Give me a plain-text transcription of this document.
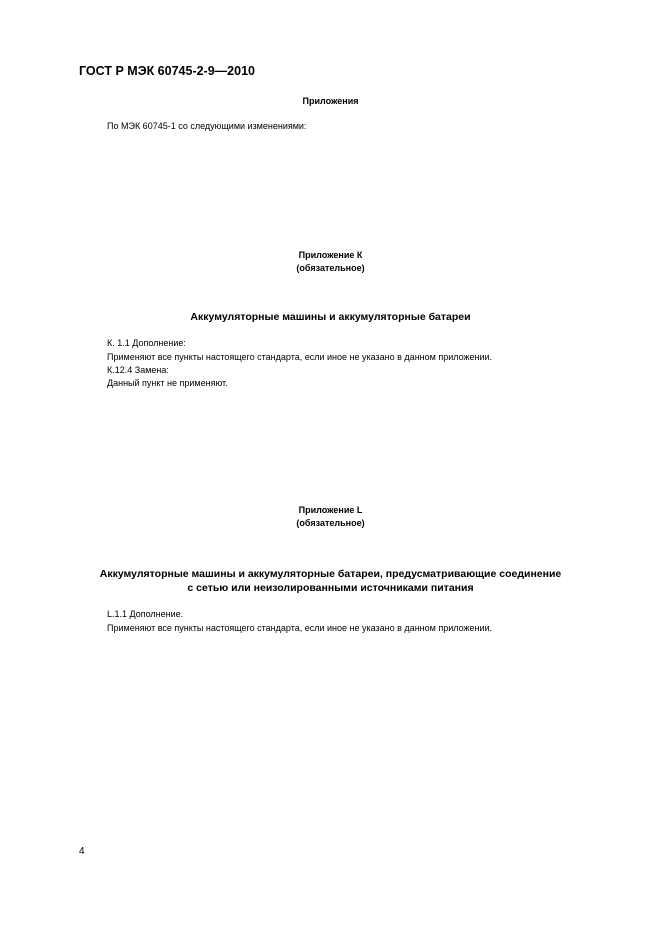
ГОСТ Р МЭК 60745-2-9—2010
Приложения
По МЭК 60745-1 со следующими изменениями:
Приложение К
(обязательное)
Аккумуляторные машины и аккумуляторные батареи
К. 1.1 Дополнение:
Применяют все пункты настоящего стандарта, если иное не указано в данном приложении.
К.12.4 Замена:
Данный пункт не применяют.
Приложение L
(обязательное)
Аккумуляторные машины и аккумуляторные батареи, предусматривающие соединение
с сетью или неизолированными источниками питания
L.1.1 Дополнение.
Применяют все пункты настоящего стандарта, если иное не указано в данном приложении.
4
